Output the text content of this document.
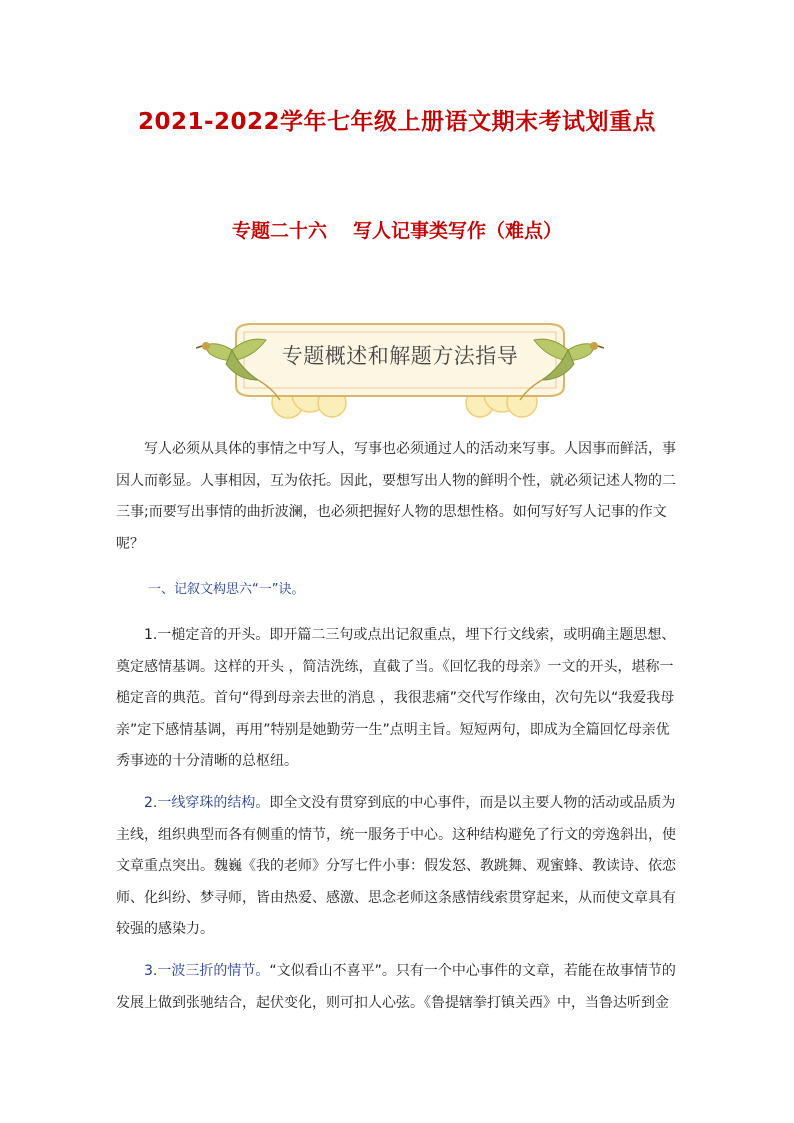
2021-2022学年七年级上册语文期末考试划重点
专题二十六 写人记事类写作（难点）
专题概述和解题方法指导

写人必须从具体的事情之中写人，写事也必须通过人的活动来写事。人因事而鲜活，事因人而彰显。人事相因，互为依托。因此，要想写出人物的鲜明个性，就必须记述人物的二三事;而要写出事情的曲折波澜，也必须把握好人物的思想性格。如何写好写人记事的作文呢？

一、记叙文构思六“一”诀。

1.一槌定音的开头。即开篇二三句或点出记叙重点，埋下行文线索，或明确主题思想、奠定感情基调。这样的开头 ，简洁洗练，直截了当。《回忆我的母亲》一文的开头，堪称一槌定音的典范。首句“得到母亲去世的消息 ，我很悲痛”交代写作缘由，次句先以“我爱我母亲”定下感情基调，再用”特别是她勤劳一生”点明主旨。短短两句，即成为全篇回忆母亲优秀事迹的十分清晰的总枢纽。

2.一线穿珠的结构。即全文没有贯穿到底的中心事件，而是以主要人物的活动或品质为主线，组织典型而各有侧重的情节，统一服务于中心。这种结构避免了行文的旁逸斜出，使文章重点突出。魏巍《我的老师》分写七件小事：假发怒、教跳舞、观蜜蜂、教读诗、依恋师、化纠纷、梦寻师，皆由热爱、感激、思念老师这条感情线索贯穿起来，从而使文章具有较强的感染力。

3.一波三折的情节。“文似看山不喜平”。只有一个中心事件的文章，若能在故事情节的发展上做到张驰结合，起伏变化，则可扣人心弦。《鲁提辖拳打镇关西》中，当鲁达听到金
